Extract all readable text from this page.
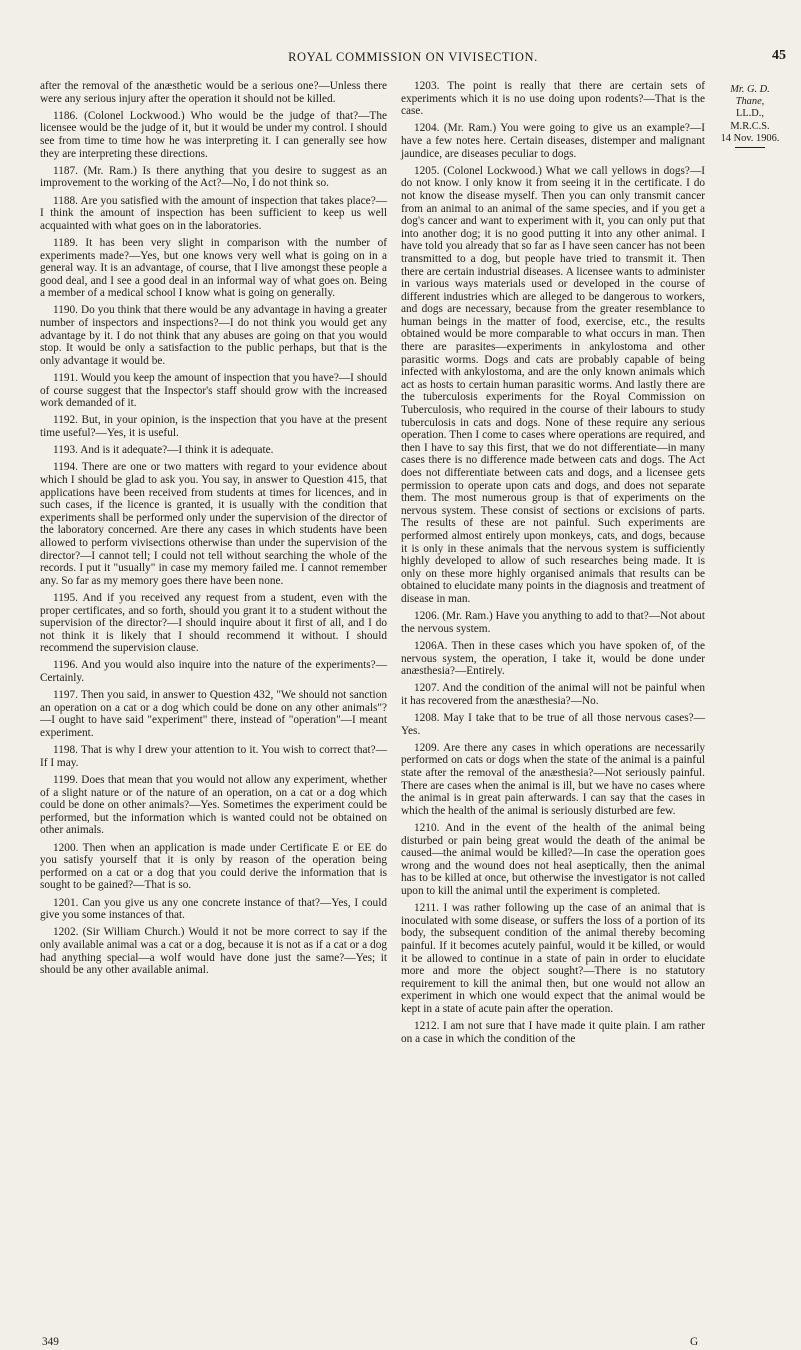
ROYAL COMMISSION ON VIVISECTION.	45

after the removal of the anæsthetic would be a serious one?—Unless there were any serious injury after the operation it should not be killed.

1186. (Colonel Lockwood.) Who would be the judge of that?—The licensee would be the judge of it, but it would be under my control. I should see from time to time how he was interpreting it. I can generally see how they are interpreting these directions.

1187. (Mr. Ram.) Is there anything that you desire to suggest as an improvement to the working of the Act?—No, I do not think so.

1188. Are you satisfied with the amount of inspection that takes place?—I think the amount of inspection has been sufficient to keep us well acquainted with what goes on in the laboratories.

1189. It has been very slight in comparison with the number of experiments made?—Yes, but one knows very well what is going on in a general way. It is an advantage, of course, that I live amongst these people a good deal, and I see a good deal in an informal way of what goes on. Being a member of a medical school I know what is going on generally.

1190. Do you think that there would be any advantage in having a greater number of inspectors and inspections?—I do not think you would get any advantage by it. I do not think that any abuses are going on that you would stop. It would be only a satisfaction to the public perhaps, but that is the only advantage it would be.

1191. Would you keep the amount of inspection that you have?—I should of course suggest that the Inspector's staff should grow with the increased work demanded of it.

1192. But, in your opinion, is the inspection that you have at the present time useful?—Yes, it is useful.

1193. And is it adequate?—I think it is adequate.

1194. There are one or two matters with regard to your evidence about which I should be glad to ask you. You say, in answer to Question 415, that applications have been received from students at times for licences, and in such cases, if the licence is granted, it is usually with the condition that experiments shall be performed only under the supervision of the director of the laboratory concerned. Are there any cases in which students have been allowed to perform vivisections otherwise than under the supervision of the director?—I cannot tell; I could not tell without searching the whole of the records. I put it "usually" in case my memory failed me. I cannot remember any. So far as my memory goes there have been none.

1195. And if you received any request from a student, even with the proper certificates, and so forth, should you grant it to a student without the supervision of the director?—I should inquire about it first of all, and I do not think it is likely that I should recommend it without. I should recommend the supervision clause.

1196. And you would also inquire into the nature of the experiments?—Certainly.

1197. Then you said, in answer to Question 432, "We should not sanction an operation on a cat or a dog which could be done on any other animals"?—I ought to have said "experiment" there, instead of "operation"—I meant experiment.

1198. That is why I drew your attention to it. You wish to correct that?—If I may.

1199. Does that mean that you would not allow any experiment, whether of a slight nature or of the nature of an operation, on a cat or a dog which could be done on other animals?—Yes. Sometimes the experiment could be performed, but the information which is wanted could not be obtained on other animals.

1200. Then when an application is made under Certificate E or EE do you satisfy yourself that it is only by reason of the operation being performed on a cat or a dog that you could derive the information that is sought to be gained?—That is so.

1201. Can you give us any one concrete instance of that?—Yes, I could give you some instances of that.

1202. (Sir William Church.) Would it not be more correct to say if the only available animal was a cat or a dog, because it is not as if a cat or a dog had anything special—a wolf would have done just the same?—Yes; it should be any other available animal.

1203. The point is really that there are certain sets of experiments which it is no use doing upon rodents?—That is the case.

1204. (Mr. Ram.) You were going to give us an example?—I have a few notes here. Certain diseases, distemper and malignant jaundice, are diseases peculiar to dogs.

1205. (Colonel Lockwood.) What we call yellows in dogs?—I do not know. I only know it from seeing it in the certificate. I do not know the disease myself. Then you can only transmit cancer from an animal to an animal of the same species, and if you get a dog's cancer and want to experiment with it, you can only put that into another dog; it is no good putting it into any other animal. I have told you already that so far as I have seen cancer has not been transmitted to a dog, but people have tried to transmit it. Then there are certain industrial diseases. A licensee wants to administer in various ways materials used or developed in the course of different industries which are alleged to be dangerous to workers, and dogs are necessary, because from the greater resemblance to human beings in the matter of food, exercise, etc., the results obtained would be more comparable to what occurs in man. Then there are parasites—experiments in ankylostoma and other parasitic worms. Dogs and cats are probably capable of being infected with ankylostoma, and are the only known animals which act as hosts to certain human parasitic worms. And lastly there are the tuberculosis experiments for the Royal Commission on Tuberculosis, who required in the course of their labours to study tuberculosis in cats and dogs. None of these require any serious operation. Then I come to cases where operations are required, and then I have to say this first, that we do not differentiate—in many cases there is no difference made between cats and dogs. The Act does not differentiate between cats and dogs, and a licensee gets permission to operate upon cats and dogs, and does not separate them. The most numerous group is that of experiments on the nervous system. These consist of sections or excisions of parts. The results of these are not painful. Such experiments are performed almost entirely upon monkeys, cats, and dogs, because it is only in these animals that the nervous system is sufficiently highly developed to allow of such researches being made. It is only on these more highly organised animals that results can be obtained to elucidate many points in the diagnosis and treatment of disease in man.

1206. (Mr. Ram.) Have you anything to add to that?—Not about the nervous system.

1206A. Then in these cases which you have spoken of, of the nervous system, the operation, I take it, would be done under anæsthesia?—Entirely.

1207. And the condition of the animal will not be painful when it has recovered from the anæsthesia?—No.

1208. May I take that to be true of all those nervous cases?—Yes.

1209. Are there any cases in which operations are necessarily performed on cats or dogs when the state of the animal is a painful state after the removal of the anæsthesia?—Not seriously painful. There are cases when the animal is ill, but we have no cases where the animal is in great pain afterwards. I can say that the cases in which the health of the animal is seriously disturbed are few.

1210. And in the event of the health of the animal being disturbed or pain being great would the death of the animal be caused—the animal would be killed?—In case the operation goes wrong and the wound does not heal aseptically, then the animal has to be killed at once, but otherwise the investigator is not called upon to kill the animal until the experiment is completed.

1211. I was rather following up the case of an animal that is inoculated with some disease, or suffers the loss of a portion of its body, the subsequent condition of the animal thereby becoming painful. If it becomes acutely painful, would it be killed, or would it be allowed to continue in a state of pain in order to elucidate more and more the object sought?—There is no statutory requirement to kill the animal then, but one would not allow an experiment in which one would expect that the animal would be kept in a state of acute pain after the operation.

1212. I am not sure that I have made it quite plain. I am rather on a case in which the condition of the

Mr. G. D.
Thane,
LL.D.,
M.R.C.S.
14 Nov. 1906.
349	G
